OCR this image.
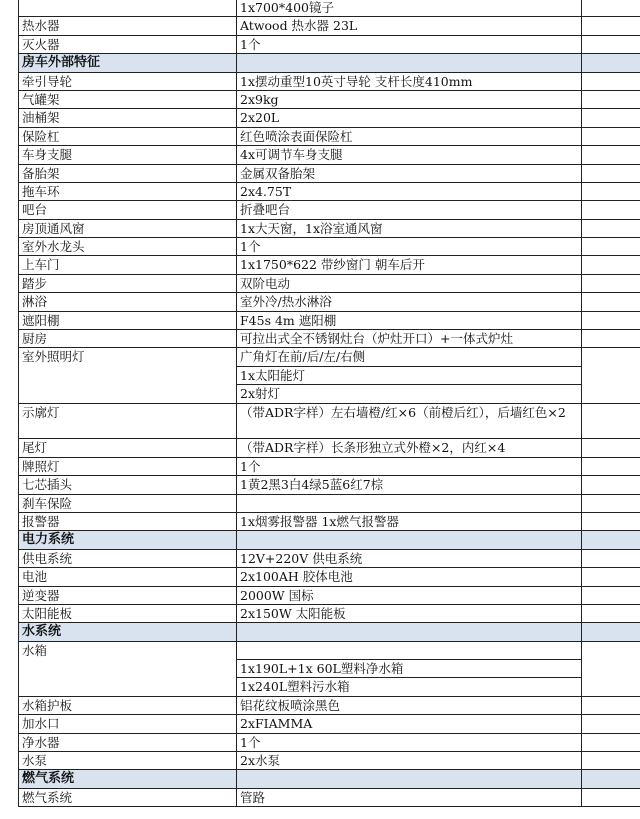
	1x700*400镜子	
热水器	Atwood 热水器 23L	
灭火器	1个	
房车外部特征		
牵引导轮	1x摆动重型10英寸导轮 支杆长度410mm	
气罐架	2x9kg	
油桶架	2x20L	
保险杠	红色喷涂表面保险杠	
车身支腿	4x可调节车身支腿	
备胎架	金属双备胎架	
拖车环	2x4.75T	
吧台	折叠吧台	
房顶通风窗	1x大天窗，1x浴室通风窗	
室外水龙头	1个	
上车门	1x1750*622 带纱窗门 朝车后开	
踏步	双阶电动	
淋浴	室外冷/热水淋浴	
遮阳棚	F45s 4m 遮阳棚	
厨房	可拉出式全不锈钢灶台（炉灶开口）+一体式炉灶	
室外照明灯	广角灯在前/后/左/右侧	
	1x太阳能灯	
	2x射灯	
示廓灯	（带ADR字样）左右墙橙/红×6（前橙后红），后墙红色×2	
尾灯	（带ADR字样）长条形独立式外橙×2，内红×4	
牌照灯	1个	
七芯插头	1黄2黑3白4绿5蓝6红7棕	
刹车保险		
报警器	1x烟雾报警器 1x燃气报警器	
电力系统		
供电系统	12V+220V 供电系统	
电池	2x100AH 胶体电池	
逆变器	2000W 国标	
太阳能板	2x150W 太阳能板	
水系统		
水箱		
	1x190L+1x 60L塑料净水箱	
	1x240L塑料污水箱	
水箱护板	铝花纹板喷涂黑色	
加水口	2xFIAMMA	
净水器	1个	
水泵	2x水泵	
燃气系统		
燃气系统	管路	
